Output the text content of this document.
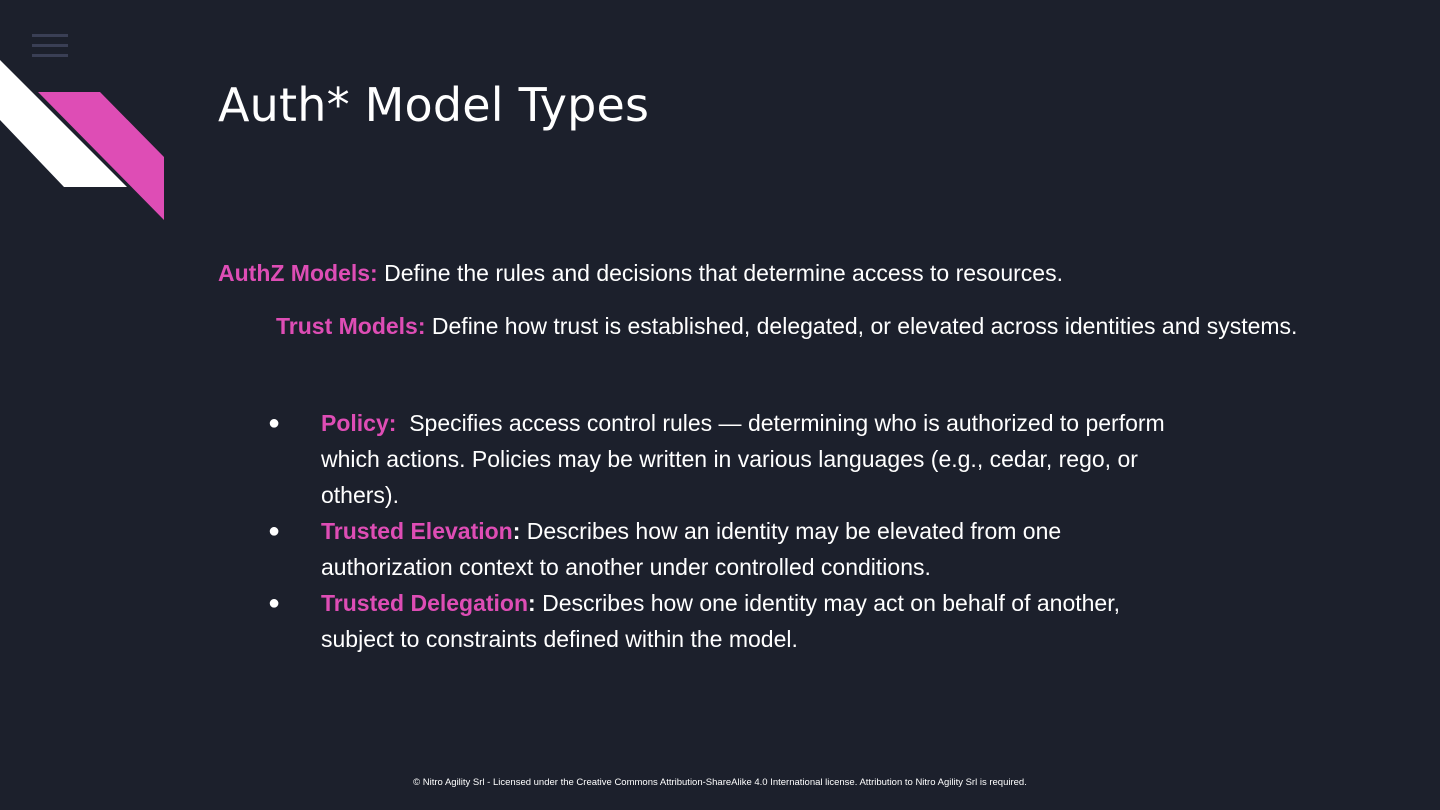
Auth* Model Types
AuthZ Models: Define the rules and decisions that determine access to resources.
Trust Models: Define how trust is established, delegated, or elevated across identities and systems.
●	Policy: Specifies access control rules — determining who is authorized to perform which actions. Policies may be written in various languages (e.g., cedar, rego, or others).
●	Trusted Elevation: Describes how an identity may be elevated from one authorization context to another under controlled conditions.
●	Trusted Delegation: Describes how one identity may act on behalf of another, subject to constraints defined within the model.
© Nitro Agility Srl - Licensed under the Creative Commons Attribution-ShareAlike 4.0 International license. Attribution to Nitro Agility Srl is required.
